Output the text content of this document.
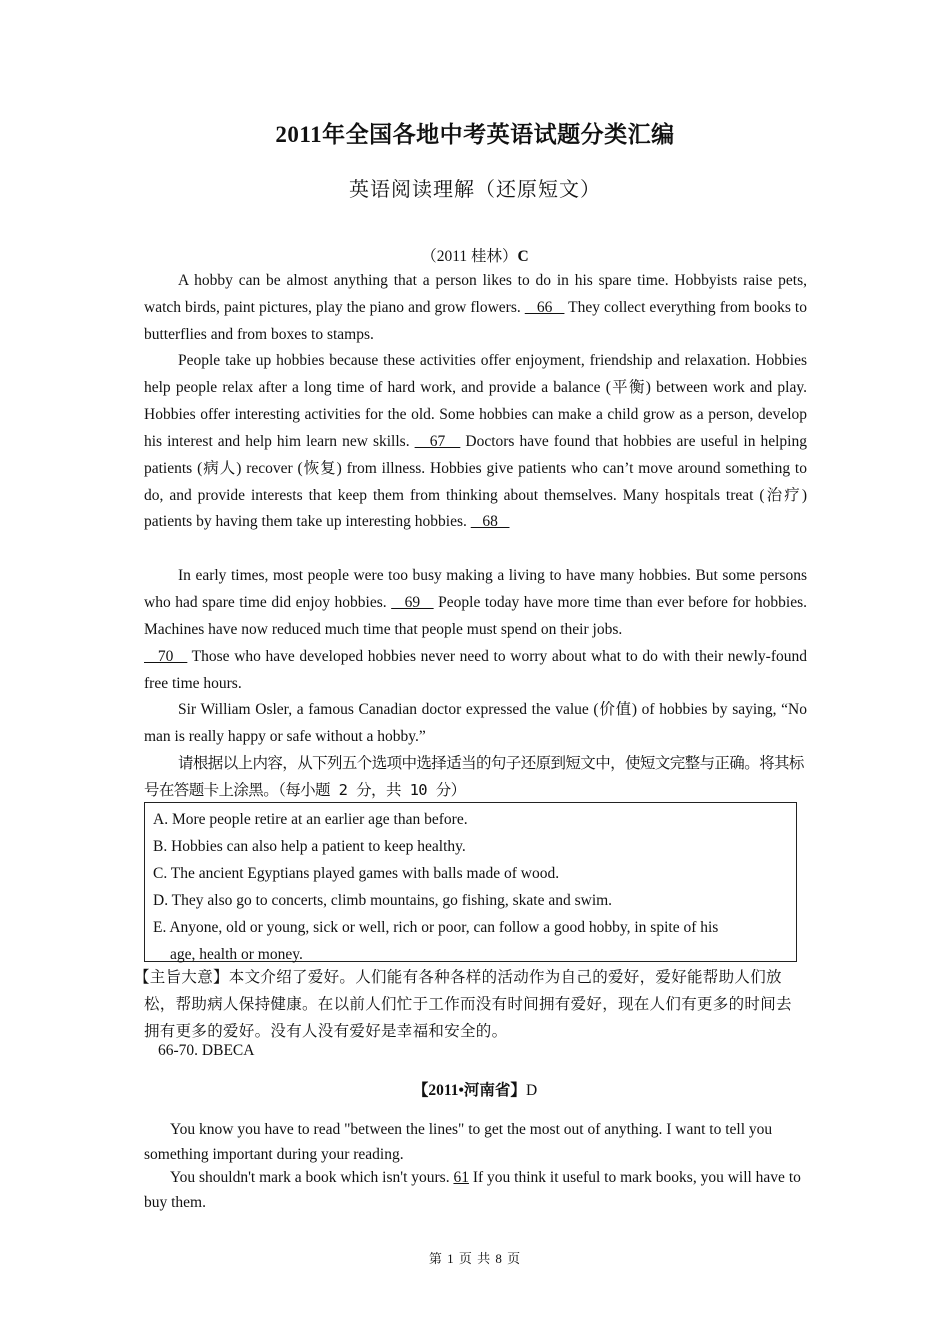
2011年全国各地中考英语试题分类汇编
英语阅读理解（还原短文）
（2011 桂林）C

A hobby can be almost anything that a person likes to do in his spare time. Hobbyists raise pets, watch birds, paint pictures, play the piano and grow flowers.    66    They collect everything from books to butterflies and from boxes to stamps.

People take up hobbies because these activities offer enjoyment, friendship and relaxation. Hobbies help people relax after a long time of hard work, and provide a balance (平衡) between work and play. Hobbies offer interesting activities for the old. Some hobbies can make a child grow as a person, develop his interest and help him learn new skills.    67    Doctors have found that hobbies are useful in helping patients (病人) recover (恢复) from illness. Hobbies give patients who can’t move around something to do, and provide interests that keep them from thinking about themselves. Many hospitals treat (治疗) patients by having them take up interesting hobbies.    68

In early times, most people were too busy making a living to have many hobbies. But some persons who had spare time did enjoy hobbies.    69    People today have more time than ever before for hobbies. Machines have now reduced much time that people must spend on their jobs.
70    Those who have developed hobbies never need to worry about what to do with their newly-found free time hours.

Sir William Osler, a famous Canadian doctor expressed the value (价值) of hobbies by saying, “No man is really happy or safe without a hobby.”

请根据以上内容，从下列五个选项中选择适当的句子还原到短文中，使短文完整与正确。将其标号在答题卡上涂黑。（每小题 2 分，共 10 分）

A. More people retire at an earlier age than before.

B. Hobbies can also help a patient to keep healthy.

C. The ancient Egyptians played games with balls made of wood.

D. They also go to concerts, climb mountains, go fishing, skate and swim.

E. Anyone, old or young, sick or well, rich or poor, can follow a good hobby, in spite of his

age, health or money.

【主旨大意】本文介绍了爱好。人们能有各种各样的活动作为自己的爱好，爱好能帮助人们放松，帮助病人保持健康。在以前人们忙于工作而没有时间拥有爱好，现在人们有更多的时间去拥有更多的爱好。没有人没有爱好是幸福和安全的。

66-70. DBECA
【2011•河南省】D

You know you have to read "between the lines" to get the most out of anything. I want to tell you something important during your reading.

You shouldn't mark a book which isn't yours. 61 If you think it useful to mark books, you will have to buy them.

第 1 页 共 8 页
